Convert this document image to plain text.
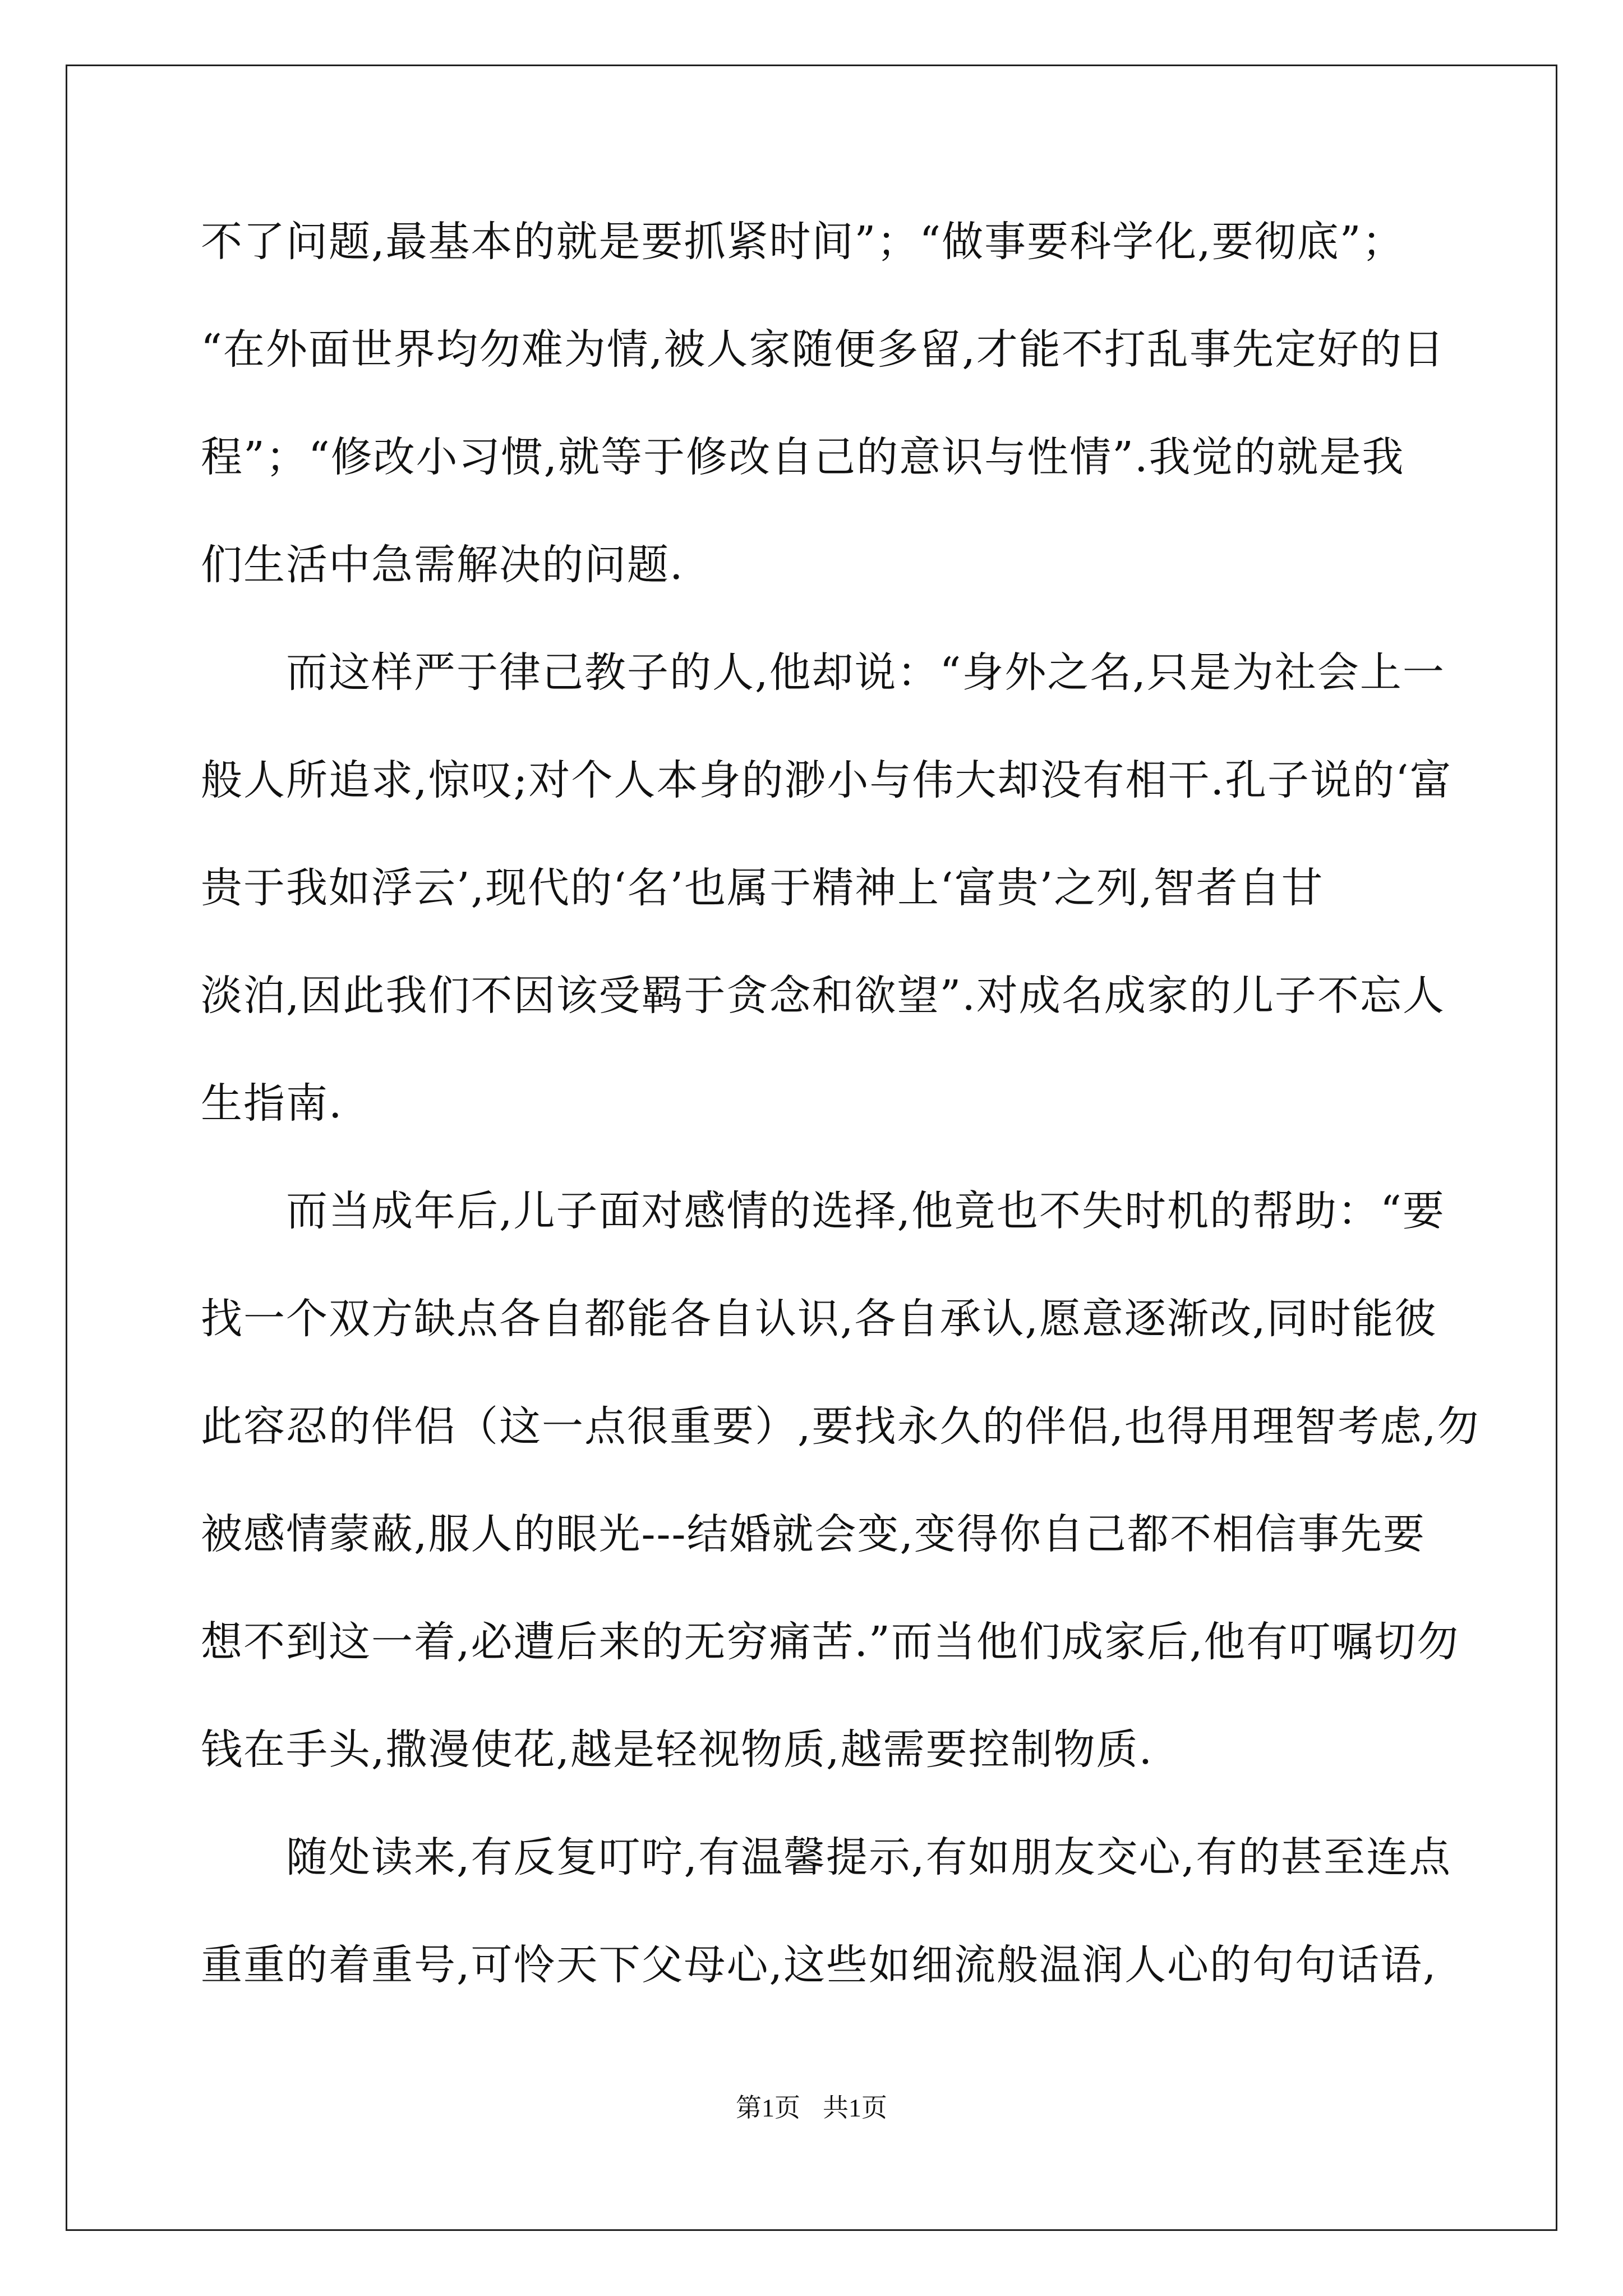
不了问题,最基本的就是要抓紧时间”；“做事要科学化,要彻底”；
“在外面世界均勿难为情,被人家随便多留,才能不打乱事先定好的日
程”；“修改小习惯,就等于修改自己的意识与性情”.我觉的就是我
们生活中急需解决的问题.
　　而这样严于律己教子的人,他却说：“身外之名,只是为社会上一
般人所追求,惊叹;对个人本身的渺小与伟大却没有相干.孔子说的‘富
贵于我如浮云’,现代的‘名’也属于精神上‘富贵’之列,智者自甘
淡泊,因此我们不因该受羁于贪念和欲望”.对成名成家的儿子不忘人
生指南.
　　而当成年后,儿子面对感情的选择,他竟也不失时机的帮助：“要
找一个双方缺点各自都能各自认识,各自承认,愿意逐渐改,同时能彼
此容忍的伴侣（这一点很重要）,要找永久的伴侣,也得用理智考虑,勿
被感情蒙蔽,服人的眼光---结婚就会变,变得你自己都不相信事先要
想不到这一着,必遭后来的无穷痛苦.”而当他们成家后,他有叮嘱切勿
钱在手头,撒漫使花,越是轻视物质,越需要控制物质.
　　随处读来,有反复叮咛,有温馨提示,有如朋友交心,有的甚至连点
重重的着重号,可怜天下父母心,这些如细流般温润人心的句句话语,
第1页 共1页
